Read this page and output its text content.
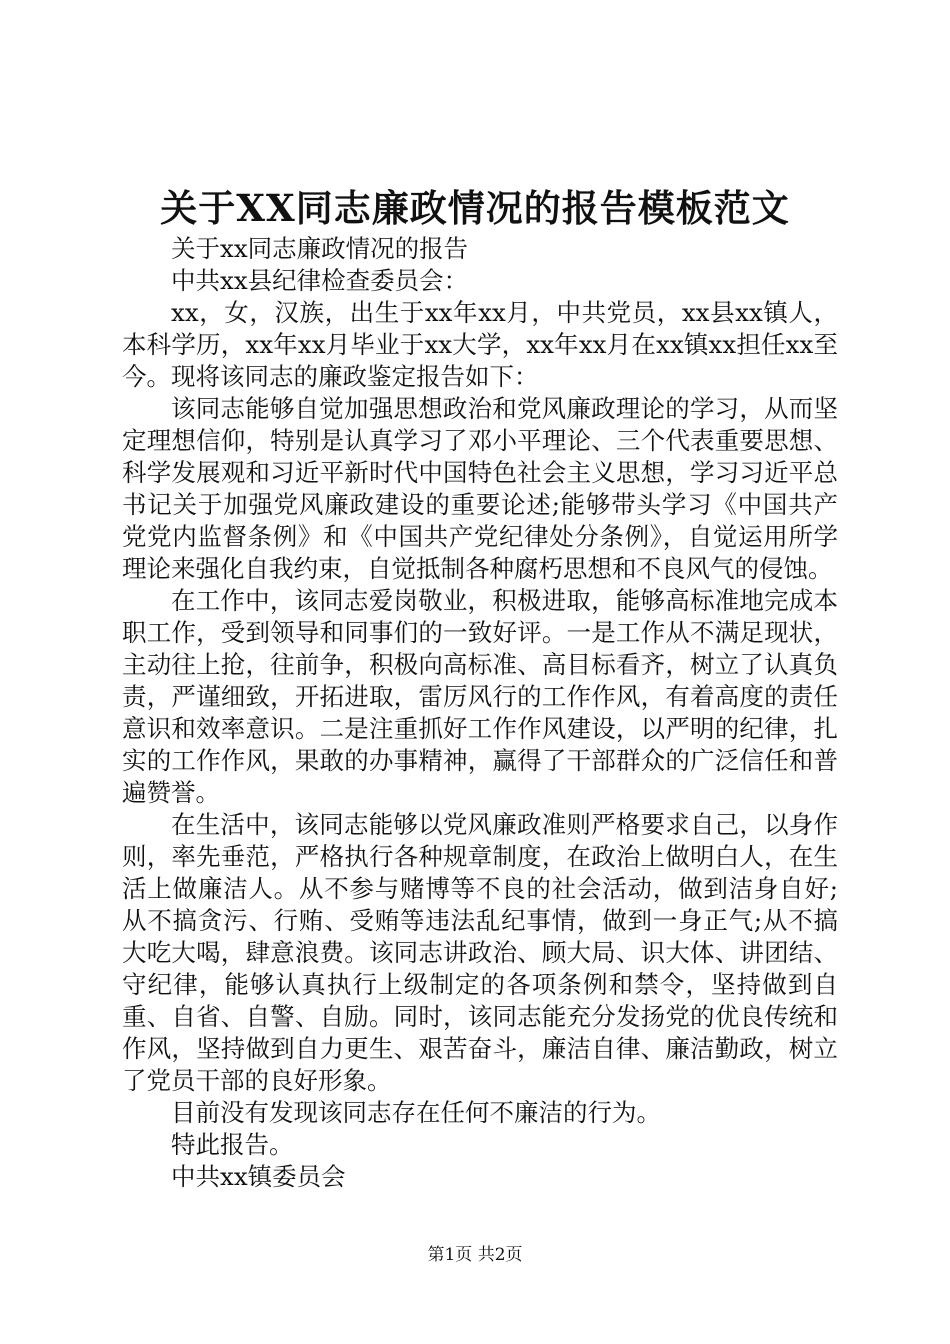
关于XX同志廉政情况的报告模板范文

关于xx同志廉政情况的报告

中共xx县纪律检查委员会：

xx，女，汉族，出生于xx年xx月，中共党员，xx县xx镇人，本科学历，xx年xx月毕业于xx大学，xx年xx月在xx镇xx担任xx至今。现将该同志的廉政鉴定报告如下：

该同志能够自觉加强思想政治和党风廉政理论的学习，从而坚定理想信仰，特别是认真学习了邓小平理论、三个代表重要思想、科学发展观和习近平新时代中国特色社会主义思想，学习习近平总书记关于加强党风廉政建设的重要论述;能够带头学习《中国共产党党内监督条例》和《中国共产党纪律处分条例》，自觉运用所学理论来强化自我约束，自觉抵制各种腐朽思想和不良风气的侵蚀。

在工作中，该同志爱岗敬业，积极进取，能够高标准地完成本职工作，受到领导和同事们的一致好评。一是工作从不满足现状，主动往上抢，往前争，积极向高标准、高目标看齐，树立了认真负责，严谨细致，开拓进取，雷厉风行的工作作风，有着高度的责任意识和效率意识。二是注重抓好工作作风建设，以严明的纪律，扎实的工作作风，果敢的办事精神，赢得了干部群众的广泛信任和普遍赞誉。

在生活中，该同志能够以党风廉政准则严格要求自己，以身作则，率先垂范，严格执行各种规章制度，在政治上做明白人，在生活上做廉洁人。从不参与赌博等不良的社会活动，做到洁身自好;从不搞贪污、行贿、受贿等违法乱纪事情，做到一身正气;从不搞大吃大喝，肆意浪费。该同志讲政治、顾大局、识大体、讲团结、守纪律，能够认真执行上级制定的各项条例和禁令，坚持做到自重、自省、自警、自励。同时，该同志能充分发扬党的优良传统和作风，坚持做到自力更生、艰苦奋斗，廉洁自律、廉洁勤政，树立了党员干部的良好形象。

目前没有发现该同志存在任何不廉洁的行为。

特此报告。

中共xx镇委员会

第1页 共2页
